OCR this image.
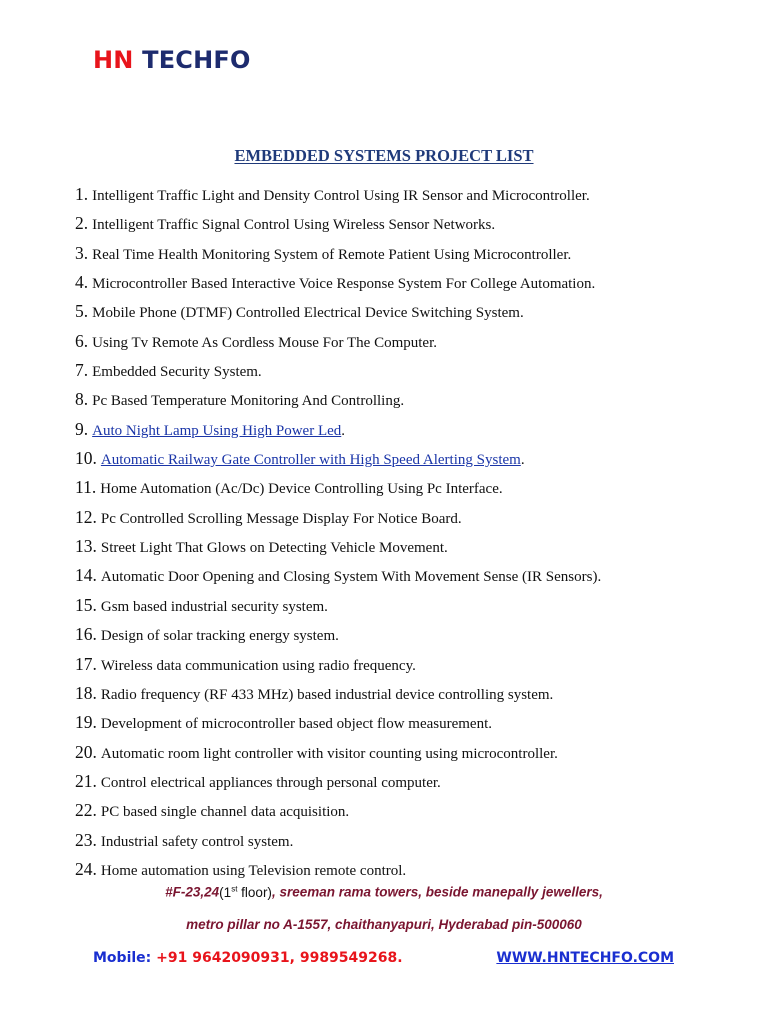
HN TECHFO
EMBEDDED SYSTEMS PROJECT LIST
1. Intelligent Traffic Light and Density Control Using IR Sensor and Microcontroller.
2. Intelligent Traffic Signal Control Using Wireless Sensor Networks.
3. Real Time Health Monitoring System of Remote Patient Using Microcontroller.
4. Microcontroller Based Interactive Voice Response System For College Automation.
5. Mobile Phone (DTMF) Controlled Electrical Device Switching System.
6. Using Tv Remote As Cordless Mouse For The Computer.
7. Embedded Security System.
8. Pc Based Temperature Monitoring And Controlling.
9. Auto Night Lamp Using High Power Led.
10. Automatic Railway Gate Controller with High Speed Alerting System.
11. Home Automation (Ac/Dc) Device Controlling Using Pc Interface.
12. Pc Controlled Scrolling Message Display For Notice Board.
13. Street Light That Glows on Detecting Vehicle Movement.
14. Automatic Door Opening and Closing System With Movement Sense (IR Sensors).
15. Gsm based industrial security system.
16. Design of solar tracking energy system.
17. Wireless data communication using radio frequency.
18. Radio frequency (RF 433 MHz) based industrial device controlling system.
19. Development of microcontroller based object flow measurement.
20. Automatic room light controller with visitor counting using microcontroller.
21. Control electrical appliances through personal computer.
22. PC based single channel data acquisition.
23. Industrial safety control system.
24. Home automation using Television remote control.
#F-23,24(1st floor), sreeman rama towers, beside manepally jewellers,
metro pillar no A-1557, chaithanyapuri, Hyderabad pin-500060
Mobile: +91 9642090931, 9989549268.	WWW.HNTECHFO.COM
